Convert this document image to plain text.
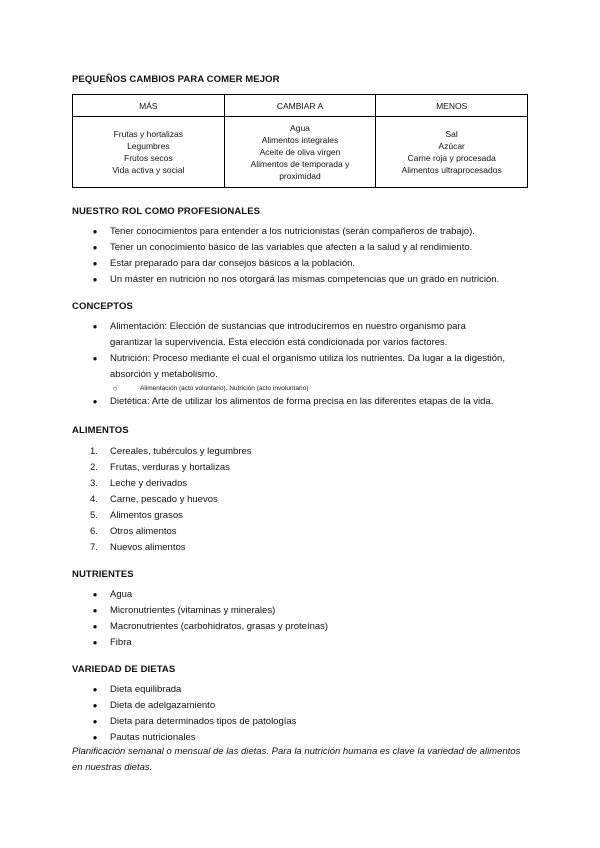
PEQUEÑOS CAMBIOS PARA COMER MEJOR
MÁS	CAMBIAR A	MENOS

Frutas y hortalizas
Legumbres
Frutos secos
Vida activa y social	Agua
Alimentos integrales
Aceite de oliva virgen
Alimentos de temporada y
proximidad	Sal
Azúcar
Carne roja y procesada
Alimentos ultraprocesados
NUESTRO ROL COMO PROFESIONALES
● Tener conocimientos para entender a los nutricionistas (serán compañeros de trabajo).
● Tener un conocimiento básico de las variables que afecten a la salud y al rendimiento.
● Estar preparado para dar consejos básicos a la población.
● Un máster en nutrición no nos otorgará las mismas competencias que un grado en nutrición.
CONCEPTOS
● Alimentación: Elección de sustancias que introduciremos en nuestro organismo para garantizar la supervivencia. Esta elección está condicionada por varios factores.
● Nutrición: Proceso mediante el cual el organismo utiliza los nutrientes. Da lugar a la digestión, absorción y metabolismo.
○	Alimentación (acto voluntario), Nutrición (acto involuntario)
● Dietética: Arte de utilizar los alimentos de forma precisa en las diferentes etapas de la vida.
ALIMENTOS
1.	Cereales, tubérculos y legumbres
2.	Frutas, verduras y hortalizas
3.	Leche y derivados
4.	Carne, pescado y huevos
5.	Alimentos grasos
6.	Otros alimentos
7.	Nuevos alimentos
NUTRIENTES
● Agua
● Micronutrientes (vitaminas y minerales)
● Macronutrientes (carbohidratos, grasas y proteínas)
● Fibra
VARIEDAD DE DIETAS
● Dieta equilibrada
● Dieta de adelgazamiento
● Dieta para determinados tipos de patologías
● Pautas nutricionales
Planificación semanal o mensual de las dietas. Para la nutrición humana es clave la variedad de alimentos en nuestras dietas.
